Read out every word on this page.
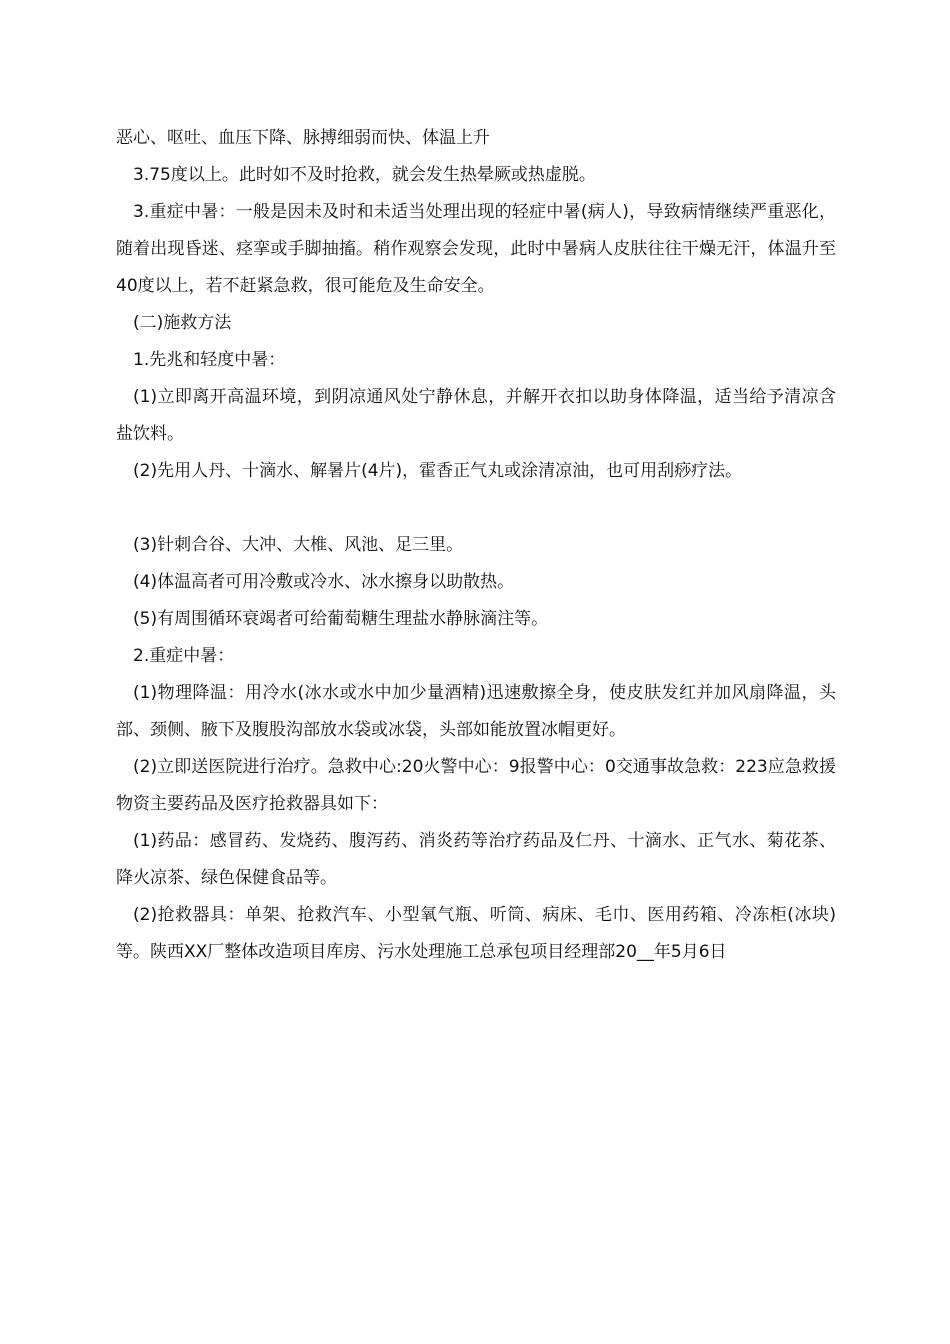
恶心、呕吐、血压下降、脉搏细弱而快、体温上升

3.75度以上。此时如不及时抢救，就会发生热晕厥或热虚脱。

3.重症中暑：一般是因未及时和未适当处理出现的轻症中暑(病人)，导致病情继续严重恶化，随着出现昏迷、痉挛或手脚抽搐。稍作观察会发现，此时中暑病人皮肤往往干燥无汗，体温升至40度以上，若不赶紧急救，很可能危及生命安全。

(二)施救方法

1.先兆和轻度中暑：

(1)立即离开高温环境，到阴凉通风处宁静休息，并解开衣扣以助身体降温，适当给予清凉含盐饮料。

(2)先用人丹、十滴水、解暑片(4片)，霍香正气丸或涂清凉油，也可用刮痧疗法。

(3)针刺合谷、大冲、大椎、风池、足三里。

(4)体温高者可用冷敷或冷水、冰水擦身以助散热。

(5)有周围循环衰竭者可给葡萄糖生理盐水静脉滴注等。

2.重症中暑：

(1)物理降温：用冷水(冰水或水中加少量酒精)迅速敷擦全身，使皮肤发红并加风扇降温，头部、颈侧、腋下及腹股沟部放水袋或冰袋，头部如能放置冰帽更好。

(2)立即送医院进行治疗。急救中心:20火警中心：9报警中心：0交通事故急救：223应急救援物资主要药品及医疗抢救器具如下：

(1)药品：感冒药、发烧药、腹泻药、消炎药等治疗药品及仁丹、十滴水、正气水、菊花茶、降火凉茶、绿色保健食品等。

(2)抢救器具：单架、抢救汽车、小型氧气瓶、听筒、病床、毛巾、医用药箱、冷冻柜(冰块)等。陕西XX厂整体改造项目库房、污水处理施工总承包项目经理部20__年5月6日
